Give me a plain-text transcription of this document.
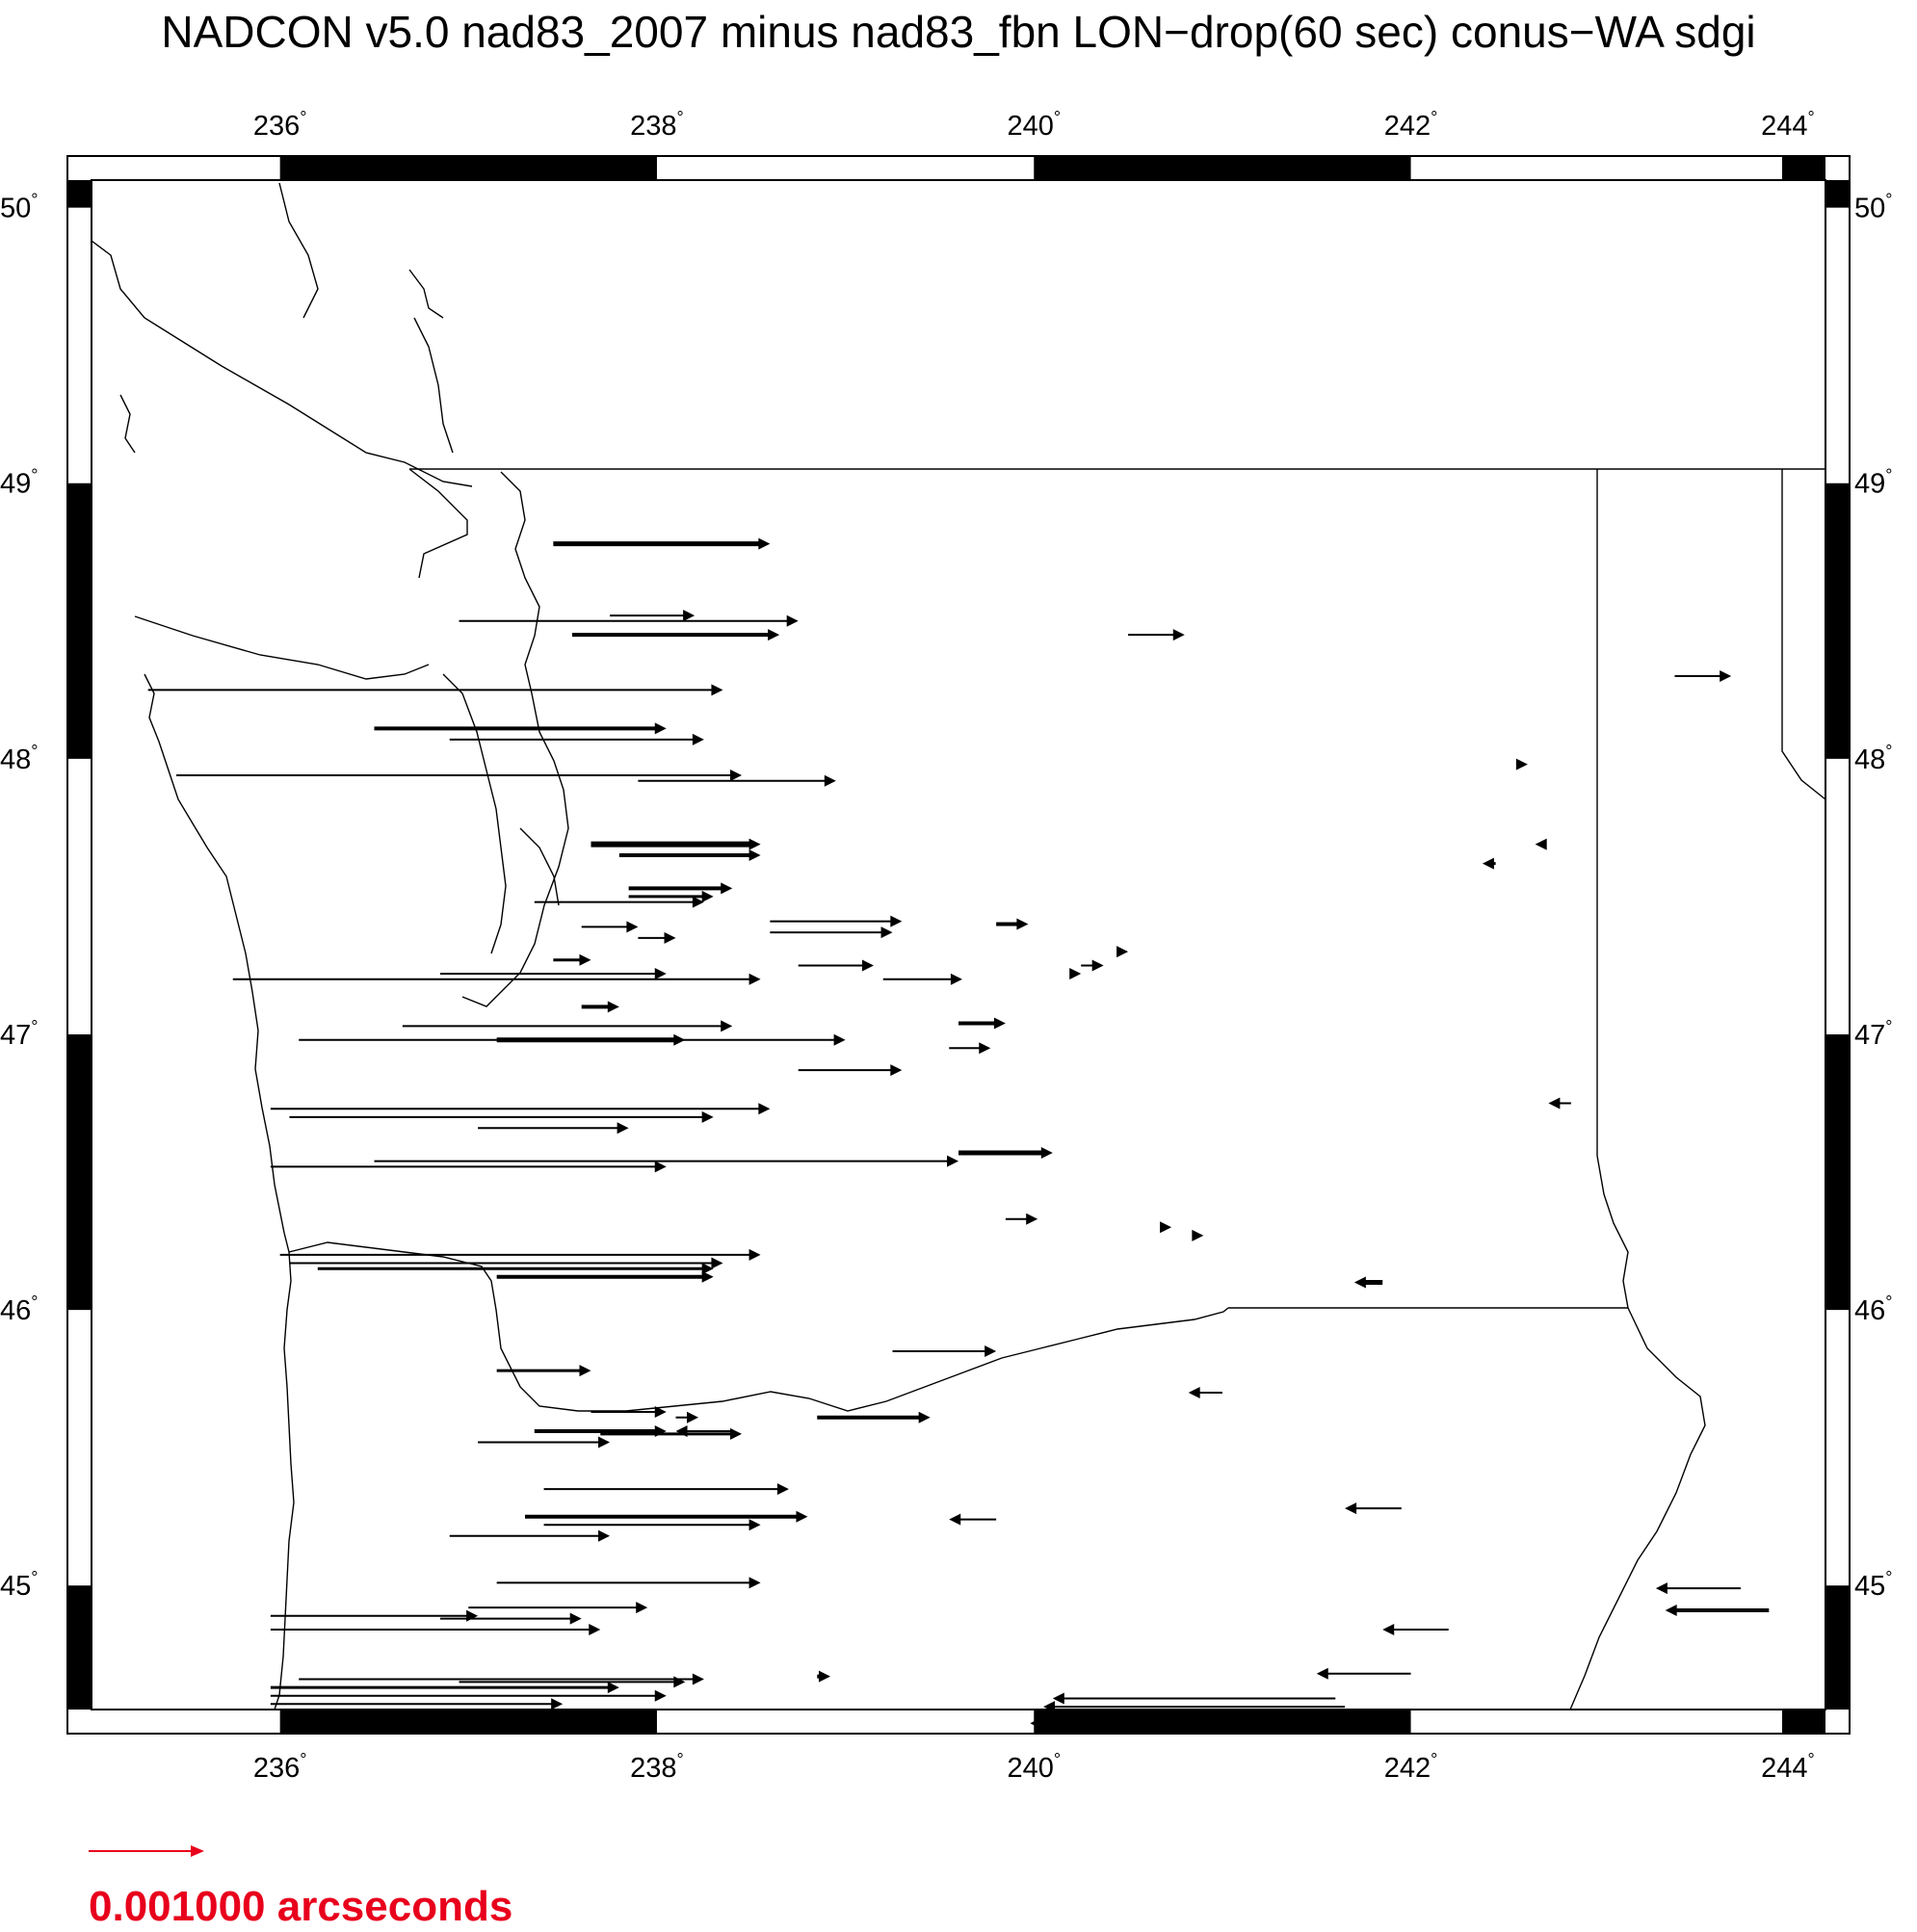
NADCON v5.0 nad83_2007 minus nad83_fbn LON−drop(60 sec) conus−WA sdgi
236°
236°
238°
238°
240°
240°
242°
242°
244°
244°
45°	45°
46°	46°
47°	47°
48°	48°
49°	49°
50°	50°
0.001000 arcseconds
